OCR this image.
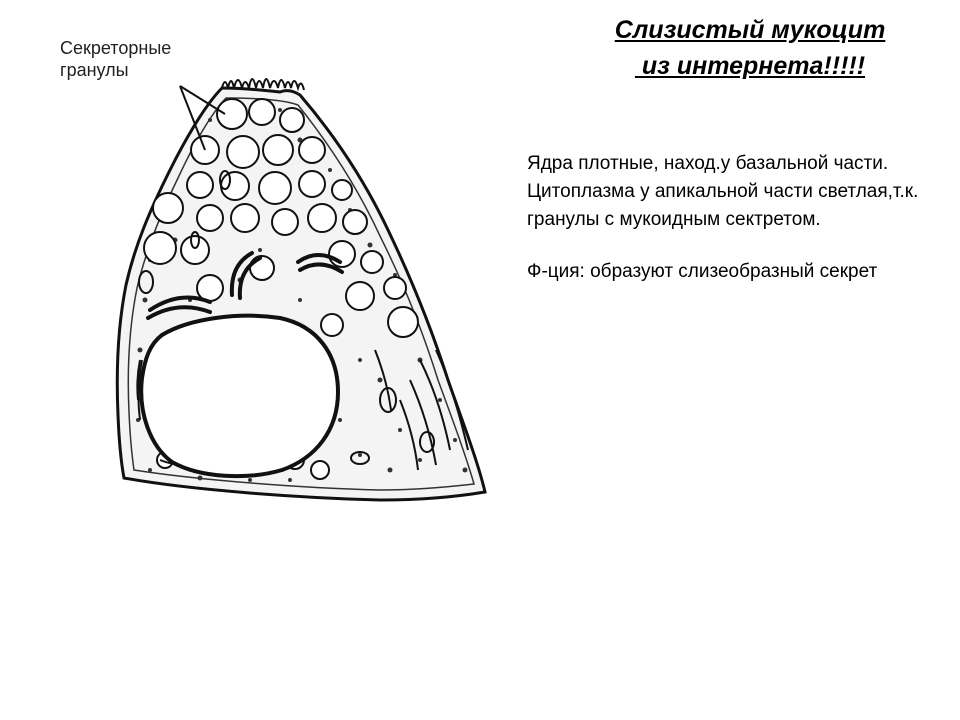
Секреторные
гранулы
Слизистый мукоцит
из интернета!!!!!

Ядра плотные, наход.у базальной части. Цитоплазма у апикальной части светлая,т.к. гранулы с мукоидным сектретом.

Ф-ция: образуют слизеобразный секрет
